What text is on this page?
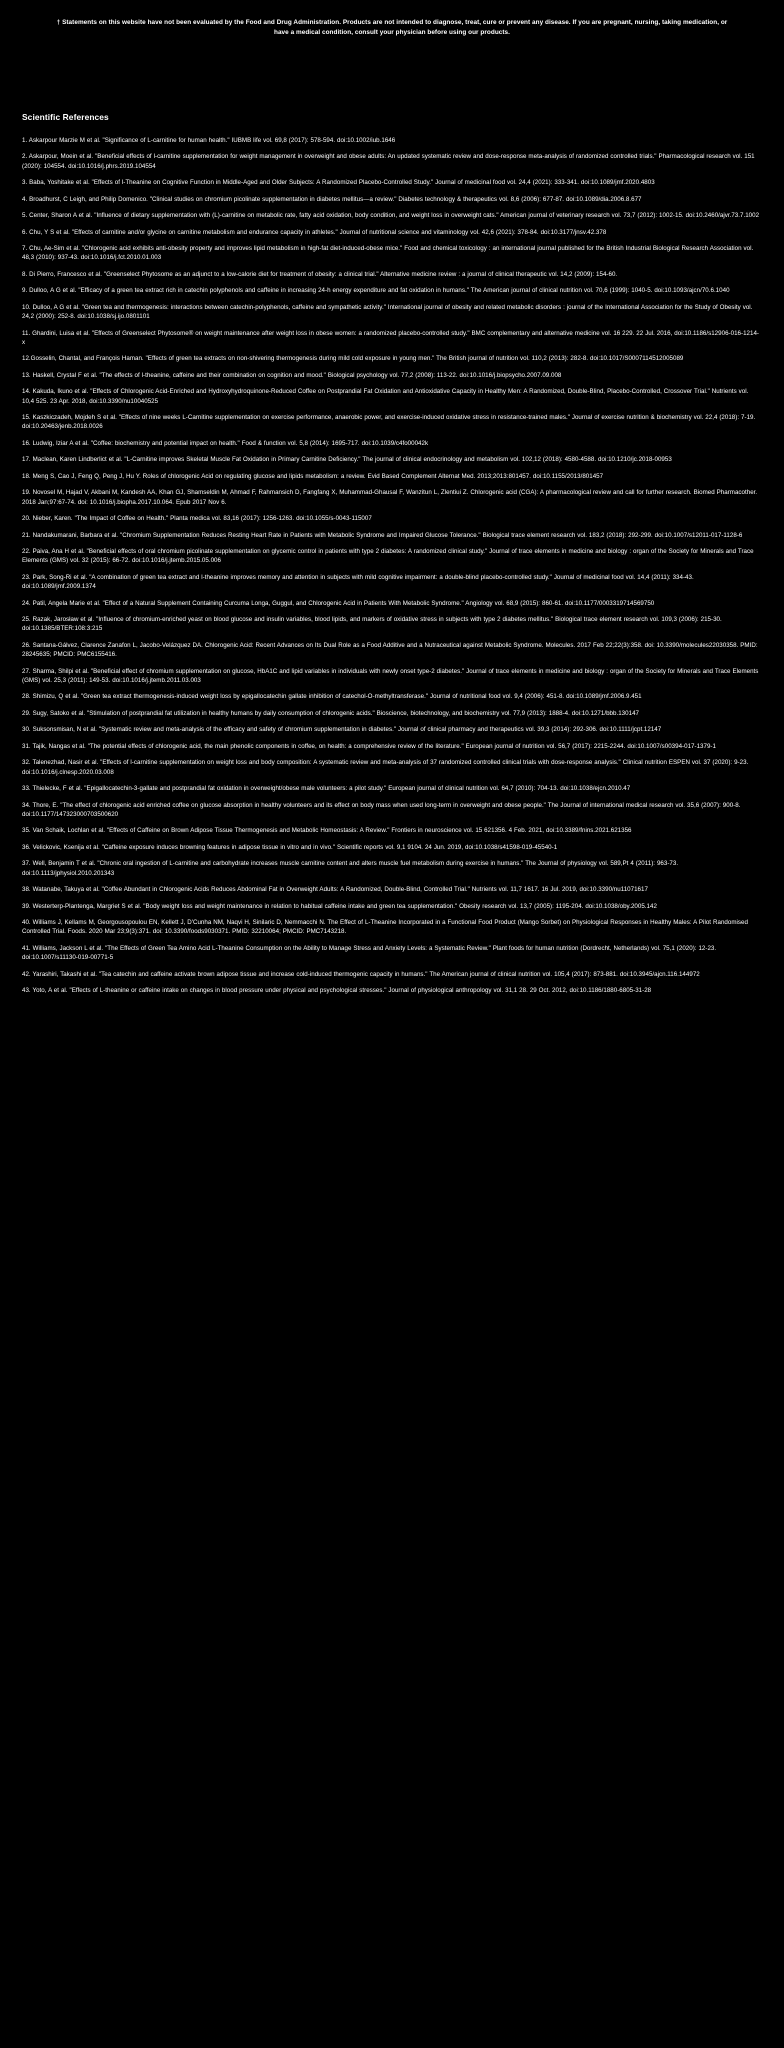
† Statements on this website have not been evaluated by the Food and Drug Administration. Products are not intended to diagnose, treat, cure or prevent any disease. If you are pregnant, nursing, taking medication, or have a medical condition, consult your physician before using our products.
Scientific References
1. Askarpour Marzie M et al. "Significance of L-carnitine for human health." IUBMB life vol. 69,8 (2017): 578-594. doi:10.1002/iub.1646
2. Askarpour, Moein et al. "Beneficial effects of l-carnitine supplementation for weight management in overweight and obese adults: An updated systematic review and dose-response meta-analysis of randomized controlled trials." Pharmacological research vol. 151 (2020): 104554. doi:10.1016/j.phrs.2019.104554
3. Baba, Yoshitake et al. "Effects of l-Theanine on Cognitive Function in Middle-Aged and Older Subjects: A Randomized Placebo-Controlled Study." Journal of medicinal food vol. 24,4 (2021): 333-341. doi:10.1089/jmf.2020.4803
4. Broadhurst, C Leigh, and Philip Domenico. "Clinical studies on chromium picolinate supplementation in diabetes mellitus—a review." Diabetes technology & therapeutics vol. 8,6 (2006): 677-87. doi:10.1089/dia.2006.8.677
5. Center, Sharon A et al. "Influence of dietary supplementation with (L)-carnitine on metabolic rate, fatty acid oxidation, body condition, and weight loss in overweight cats." American journal of veterinary research vol. 73,7 (2012): 1002-15. doi:10.2460/ajvr.73.7.1002
6. Chu, Y S et al. "Effects of carnitine and/or glycine on carnitine metabolism and endurance capacity in athletes." Journal of nutritional science and vitaminology vol. 42,6 (2021): 378-84. doi:10.3177/jnsv.42.378
7. Chu, Ae-Sim et al. "Chlorogenic acid exhibits anti-obesity property and improves lipid metabolism in high-fat diet-induced-obese mice." Food and chemical toxicology : an international journal published for the British Industrial Biological Research Association vol. 48,3 (2010): 937-43. doi:10.1016/j.fct.2010.01.003
8. Di Pierro, Francesco et al. "Greenselect Phytosome as an adjunct to a low-calorie diet for treatment of obesity: a clinical trial." Alternative medicine review : a journal of clinical therapeutic vol. 14,2 (2009): 154-60.
9. Dulloo, A G et al. "Efficacy of a green tea extract rich in catechin polyphenols and caffeine in increasing 24-h energy expenditure and fat oxidation in humans." The American journal of clinical nutrition vol. 70,6 (1999): 1040-5. doi:10.1093/ajcn/70.6.1040
10. Dulloo, A G et al. "Green tea and thermogenesis: interactions between catechin-polyphenols, caffeine and sympathetic activity." International journal of obesity and related metabolic disorders : journal of the International Association for the Study of Obesity vol. 24,2 (2000): 252-8. doi:10.1038/sj.ijo.0801101
11. Ghardini, Luisa et al. "Effects of Greenselect Phytosome® on weight maintenance after weight loss in obese women: a randomized placebo-controlled study." BMC complementary and alternative medicine vol. 16 229. 22 Jul. 2016, doi:10.1186/s12906-016-1214-x
12.Gosselin, Chantal, and François Haman. "Effects of green tea extracts on non-shivering thermogenesis during mild cold exposure in young men." The British journal of nutrition vol. 110,2 (2013): 282-8. doi:10.1017/S0007114512005089
13. Haskell, Crystal F et al. "The effects of l-theanine, caffeine and their combination on cognition and mood." Biological psychology vol. 77,2 (2008): 113-22. doi:10.1016/j.biopsycho.2007.09.008
14. Kakuda, Ikuno et al. "Effects of Chlorogenic Acid-Enriched and Hydroxyhydroquinone-Reduced Coffee on Postprandial Fat Oxidation and Antioxidative Capacity in Healthy Men: A Randomized, Double-Blind, Placebo-Controlled, Crossover Trial." Nutrients vol. 10,4 525. 23 Apr. 2018, doi:10.3390/nu10040525
15. Kaszkiczadeh, Mojdeh S et al. "Effects of nine weeks L-Carnitine supplementation on exercise performance, anaerobic power, and exercise-induced oxidative stress in resistance-trained males." Journal of exercise nutrition & biochemistry vol. 22,4 (2018): 7-19. doi:10.20463/jenb.2018.0026
16. Ludwig, Iziar A et al. "Coffee: biochemistry and potential impact on health." Food & function vol. 5,8 (2014): 1695-717. doi:10.1039/c4fo00042k
17. Maclean, Karen Lindberlict et al. "L-Carnitine improves Skeletal Muscle Fat Oxidation in Primary Carnitine Deficiency." The journal of clinical endocrinology and metabolism vol. 102,12 (2018): 4580-4588. doi:10.1210/jc.2018-00953
18. Meng S, Cao J, Feng Q, Peng J, Hu Y. Roles of chlorogenic Acid on regulating glucose and lipids metabolism: a review. Evid Based Complement Alternat Med. 2013;2013:801457. doi:10.1155/2013/801457
19. Novosel M, Hajad V, Akbani M, Kandesh AA, Khan GJ, Shamseldin M, Ahmad F, Rahmansich D, Fangfang X, Muhammad-Ghausal F, Wanzitun L, Zlentiui Z. Chlorogenic acid (CGA): A pharmacological review and call for further research. Biomed Pharmacother. 2018 Jan;97:67-74. doi: 10.1016/j.biopha.2017.10.064. Epub 2017 Nov 6.
20. Nieber, Karen. "The Impact of Coffee on Health." Planta medica vol. 83,16 (2017): 1256-1263. doi:10.1055/s-0043-115007
21. Nandakumarani, Barbara et al. "Chromium Supplementation Reduces Resting Heart Rate in Patients with Metabolic Syndrome and Impaired Glucose Tolerance." Biological trace element research vol. 183,2 (2018): 292-299. doi:10.1007/s12011-017-1128-6
22. Paiva, Ana H et al. "Beneficial effects of oral chromium picolinate supplementation on glycemic control in patients with type 2 diabetes: A randomized clinical study." Journal of trace elements in medicine and biology : organ of the Society for Minerals and Trace Elements (GMS) vol. 32 (2015): 66-72. doi:10.1016/j.jtemb.2015.05.006
23. Park, Song-Ri et al. "A combination of green tea extract and l-theanine improves memory and attention in subjects with mild cognitive impairment: a double-blind placebo-controlled study." Journal of medicinal food vol. 14,4 (2011): 334-43. doi:10.1089/jmf.2009.1374
24. Patil, Angela Marie et al. "Effect of a Natural Supplement Containing Curcuma Longa, Guggul, and Chlorogenic Acid in Patients With Metabolic Syndrome." Angiology vol. 68,9 (2015): 860-61. doi:10.1177/0003319714569750
25. Razak, Jarosław et al. "Influence of chromium-enriched yeast on blood glucose and insulin variables, blood lipids, and markers of oxidative stress in subjects with type 2 diabetes mellitus." Biological trace element research vol. 109,3 (2006): 215-30. doi:10.1385/BTER:108:3:215
26. Santana-Gálvez, Clarence Zanafon L, Jacobo-Velázquez DA. Chlorogenic Acid: Recent Advances on Its Dual Role as a Food Additive and a Nutraceutical against Metabolic Syndrome. Molecules. 2017 Feb 22;22(3):358. doi: 10.3390/molecules22030358. PMID: 28245635; PMCID: PMC6155416.
27. Sharma, Shilpi et al. "Beneficial effect of chromium supplementation on glucose, HbA1C and lipid variables in individuals with newly onset type-2 diabetes." Journal of trace elements in medicine and biology : organ of the Society for Minerals and Trace Elements (GMS) vol. 25,3 (2011): 149-53. doi:10.1016/j.jtemb.2011.03.003
28. Shimizu, Q et al. "Green tea extract thermogenesis-induced weight loss by epigallocatechin gallate inhibition of catechol-O-methyltransferase." Journal of nutritional food vol. 9,4 (2006): 451-8. doi:10.1089/jmf.2006.9.451
29. Sugy, Satoko et al. "Stimulation of postprandial fat utilization in healthy humans by daily consumption of chlorogenic acids." Bioscience, biotechnology, and biochemistry vol. 77,9 (2013): 1888-4. doi:10.1271/bbb.130147
30. Suksonsmisan, N et al. "Systematic review and meta-analysis of the efficacy and safety of chromium supplementation in diabetes." Journal of clinical pharmacy and therapeutics vol. 39,3 (2014): 292-306. doi:10.1111/jcpt.12147
31. Tajik, Nangas et al. "The potential effects of chlorogenic acid, the main phenolic components in coffee, on health: a comprehensive review of the literature." European journal of nutrition vol. 56,7 (2017): 2215-2244. doi:10.1007/s00394-017-1379-1
32. Talenezhad, Nasir et al. "Effects of l-carnitine supplementation on weight loss and body composition: A systematic review and meta-analysis of 37 randomized controlled clinical trials with dose-response analysis." Clinical nutrition ESPEN vol. 37 (2020): 9-23. doi:10.1016/j.clnesp.2020.03.008
33. Thielecke, F et al. "Epigallocatechin-3-gallate and postprandial fat oxidation in overweight/obese male volunteers: a pilot study." European journal of clinical nutrition vol. 64,7 (2010): 704-13. doi:10.1038/ejcn.2010.47
34. Thore, E. "The effect of chlorogenic acid enriched coffee on glucose absorption in healthy volunteers and its effect on body mass when used long-term in overweight and obese people." The Journal of international medical research vol. 35,6 (2007): 900-8. doi:10.1177/147323000703500620
35. Van Schaik, Lochlan et al. "Effects of Caffeine on Brown Adipose Tissue Thermogenesis and Metabolic Homeostasis: A Review." Frontiers in neuroscience vol. 15 621356. 4 Feb. 2021, doi:10.3389/fnins.2021.621356
36. Velickovic, Ksenija et al. "Caffeine exposure induces browning features in adipose tissue in vitro and in vivo." Scientific reports vol. 9,1 9104. 24 Jun. 2019, doi:10.1038/s41598-019-45540-1
37. Well, Benjamin T et al. "Chronic oral ingestion of L-carnitine and carbohydrate increases muscle carnitine content and alters muscle fuel metabolism during exercise in humans." The Journal of physiology vol. 589,Pt 4 (2011): 963-73. doi:10.1113/jphysiol.2010.201343
38. Watanabe, Takuya et al. "Coffee Abundant in Chlorogenic Acids Reduces Abdominal Fat in Overweight Adults: A Randomized, Double-Blind, Controlled Trial." Nutrients vol. 11,7 1617. 16 Jul. 2019, doi:10.3390/nu11071617
39. Westerterp-Plantenga, Margriet S et al. "Body weight loss and weight maintenance in relation to habitual caffeine intake and green tea supplementation." Obesity research vol. 13,7 (2005): 1195-204. doi:10.1038/oby.2005.142
40. Williams J, Kellams M, Georgousopoulou EN, Kellett J, D'Cunha NM, Naqvi H, Sinilaric D, Nemmacchi N. The Effect of L-Theanine Incorporated in a Functional Food Product (Mango Sorbet) on Physiological Responses in Healthy Males: A Pilot Randomised Controlled Trial. Foods. 2020 Mar 23;9(3):371. doi: 10.3390/foods9030371. PMID: 32210064; PMCID: PMC7143218.
41. Williams, Jackson L et al. "The Effects of Green Tea Amino Acid L-Theanine Consumption on the Ability to Manage Stress and Anxiety Levels: a Systematic Review." Plant foods for human nutrition (Dordrecht, Netherlands) vol. 75,1 (2020): 12-23. doi:10.1007/s11130-019-00771-5
42. Yarashiri, Takashi et al. "Tea catechin and caffeine activate brown adipose tissue and increase cold-induced thermogenic capacity in humans." The American journal of clinical nutrition vol. 105,4 (2017): 873-881. doi:10.3945/ajcn.116.144972
43. Yoto, A et al. "Effects of L-theanine or caffeine intake on changes in blood pressure under physical and psychological stresses." Journal of physiological anthropology vol. 31,1 28. 29 Oct. 2012, doi:10.1186/1880-6805-31-28
